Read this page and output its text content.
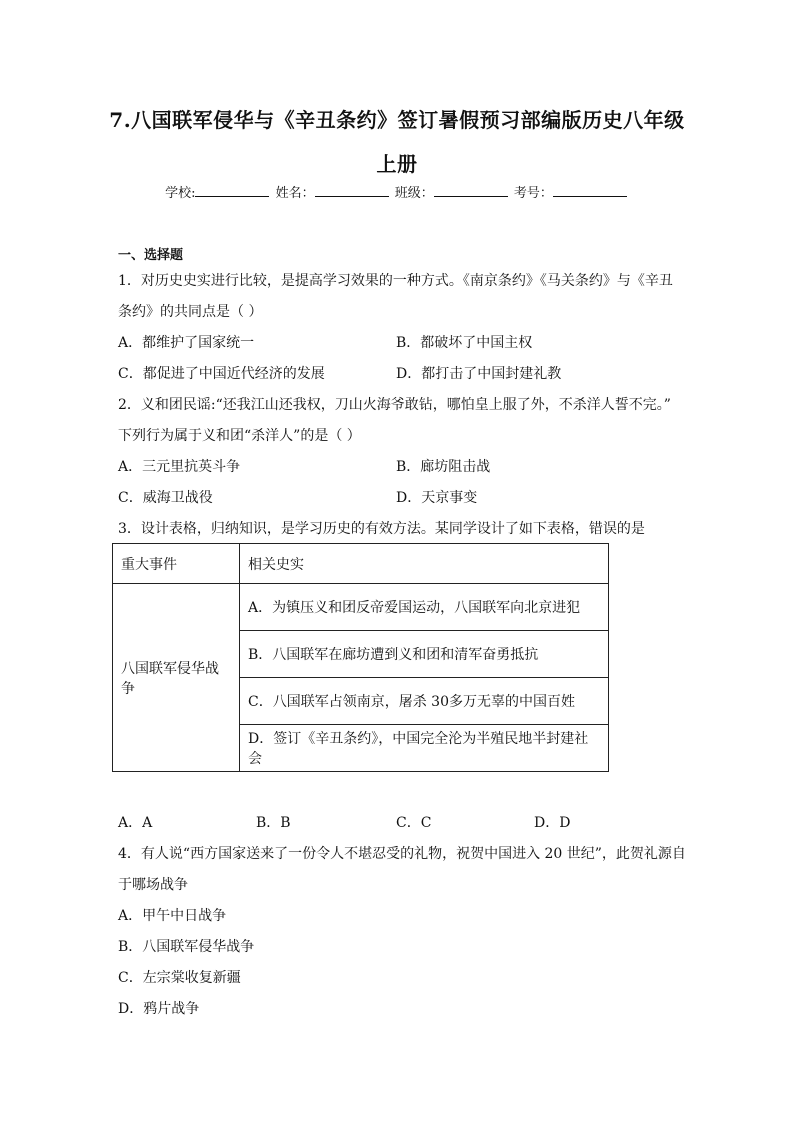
7.八国联军侵华与《辛丑条约》签订暑假预习部编版历史八年级
上册
学校:	姓名：	班级：	考号：
一、选择题
1．对历史史实进行比较，是提高学习效果的一种方式。《南京条约》《马关条约》与《辛丑
条约》的共同点是（ ）
A．都维护了国家统一	B．都破坏了中国主权
C．都促进了中国近代经济的发展	D．都打击了中国封建礼教
2．义和团民谣:“还我江山还我权，刀山火海爷敢钻，哪怕皇上服了外，不杀洋人誓不完。”
下列行为属于义和团“杀洋人”的是（ ）
A．三元里抗英斗争	B．廊坊阻击战
C．威海卫战役	D．天京事变
3．设计表格，归纳知识，是学习历史的有效方法。某同学设计了如下表格，错误的是
重大事件	相关史实
八国联军侵华战争	A．为镇压义和团反帝爱国运动，八国联军向北京进犯
	B．八国联军在廊坊遭到义和团和清军奋勇抵抗
	C．八国联军占领南京，屠杀 30多万无辜的中国百姓
	D．签订《辛丑条约》，中国完全沦为半殖民地半封建社会
A．A	B．B	C．C	D．D
4．有人说“西方国家送来了一份令人不堪忍受的礼物，祝贺中国进入 20 世纪”，此贺礼源自
于哪场战争
A．甲午中日战争
B．八国联军侵华战争
C．左宗棠收复新疆
D．鸦片战争
